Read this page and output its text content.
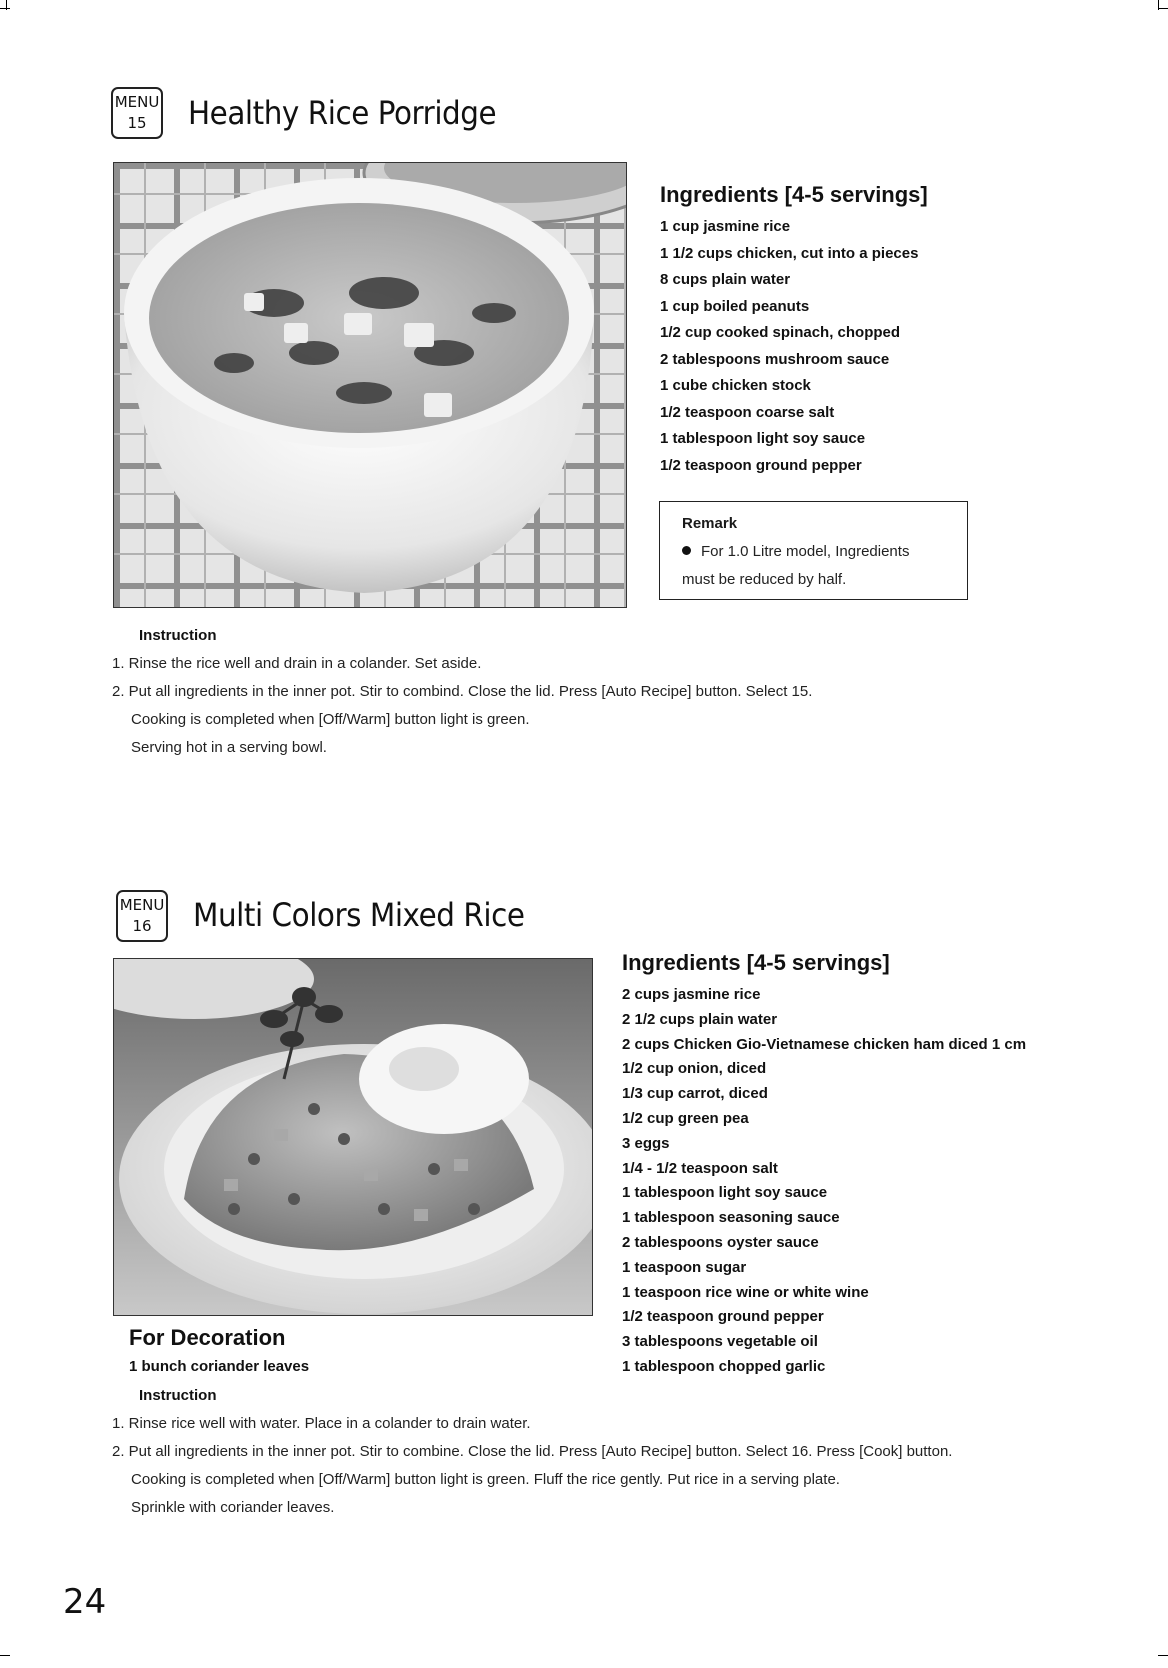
MENU
15	Healthy Rice Porridge
Ingredients [4-5 servings]
1 cup jasmine rice
1 1/2 cups chicken, cut into a pieces
8 cups plain water
1 cup boiled peanuts
1/2 cup cooked spinach, chopped
2 tablespoons mushroom sauce
1 cube chicken stock
1/2 teaspoon coarse salt
1 tablespoon light soy sauce
1/2 teaspoon ground pepper
Remark
For 1.0 Litre model, Ingredients
must be reduced by half.
Instruction
1. Rinse the rice well and drain in a colander. Set aside.
2. Put all ingredients in the inner pot. Stir to combind. Close the lid. Press [Auto Recipe] button. Select 15.
Cooking is completed when [Off/Warm] button light is green.
Serving hot in a serving bowl.
MENU
16	Multi Colors Mixed Rice
Ingredients [4-5 servings]
2 cups jasmine rice
2 1/2 cups plain water
2 cups Chicken Gio-Vietnamese chicken ham diced 1 cm
1/2 cup onion, diced
1/3 cup carrot, diced
1/2 cup green pea
3 eggs
1/4 - 1/2 teaspoon salt
1 tablespoon light soy sauce
1 tablespoon seasoning sauce
2 tablespoons oyster sauce
1 teaspoon sugar
1 teaspoon rice wine or white wine
1/2 teaspoon ground pepper
3 tablespoons vegetable oil
1 tablespoon chopped garlic
For Decoration
1 bunch coriander leaves
Instruction
1. Rinse rice well with water. Place in a colander to drain water.
2. Put all ingredients in the inner pot. Stir to combine. Close the lid. Press [Auto Recipe] button. Select 16. Press [Cook] button.
Cooking is completed when [Off/Warm] button light is green. Fluff the rice gently. Put rice in a serving plate.
Sprinkle with coriander leaves.
24
